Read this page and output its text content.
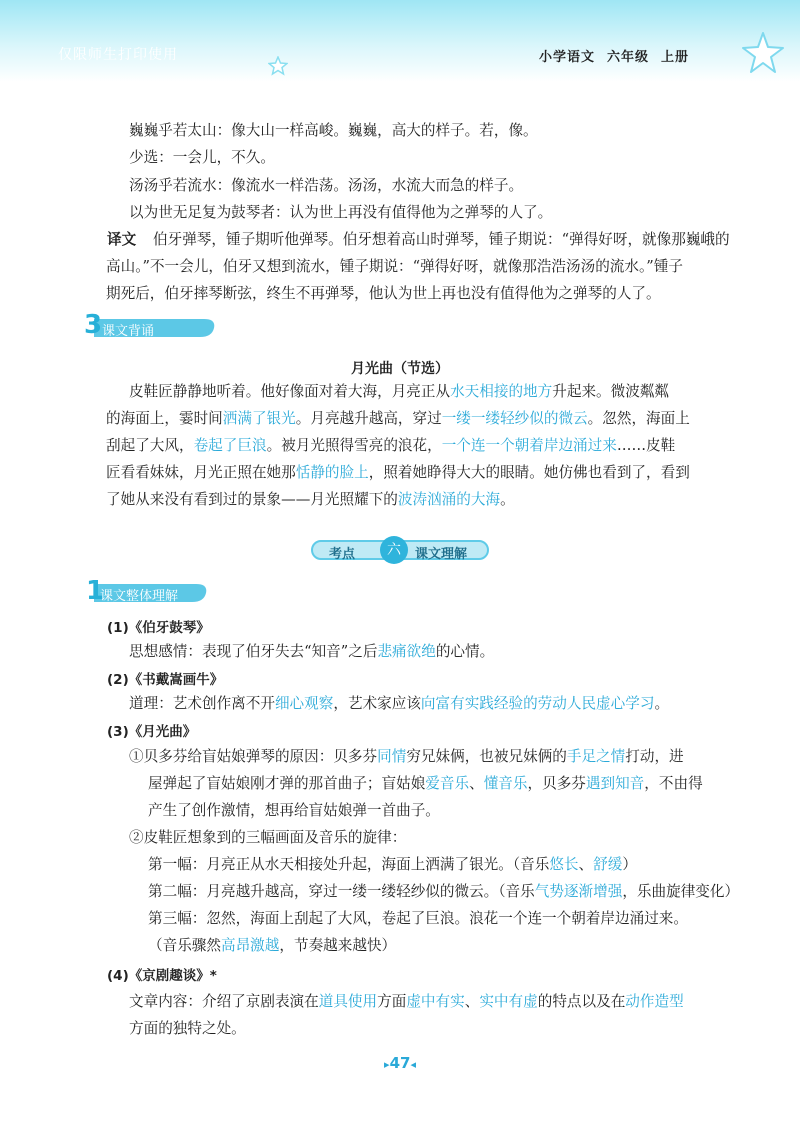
仅限师生打印使用	小学语文 六年级 上册
巍巍乎若太山：像大山一样高峻。巍巍，高大的样子。若，像。
少选：一会儿，不久。
汤汤乎若流水：像流水一样浩荡。汤汤，水流大而急的样子。
以为世无足复为鼓琴者：认为世上再没有值得他为之弹琴的人了。
译文 伯牙弹琴，锺子期听他弹琴。伯牙想着高山时弹琴，锺子期说：“弹得好呀，就像那巍峨的
高山。”不一会儿，伯牙又想到流水，锺子期说：“弹得好呀，就像那浩浩汤汤的流水。”锺子
期死后，伯牙摔琴断弦，终生不再弹琴，他认为世上再也没有值得他为之弹琴的人了。
3 课文背诵
月光曲（节选）
皮鞋匠静静地听着。他好像面对着大海，月亮正从水天相接的地方升起来。微波粼粼
的海面上，霎时间洒满了银光。月亮越升越高，穿过一缕一缕轻纱似的微云。忽然，海面上
刮起了大风，卷起了巨浪。被月光照得雪亮的浪花，一个连一个朝着岸边涌过来……皮鞋
匠看看妹妹，月光正照在她那恬静的脸上，照着她睁得大大的眼睛。她仿佛也看到了，看到
了她从来没有看到过的景象——月光照耀下的波涛汹涌的大海。
考点	六	课文理解
1
课文整体理解
(1)《伯牙鼓琴》
思想感情：表现了伯牙失去“知音”之后悲痛欲绝的心情。
(2)《书戴嵩画牛》
道理：艺术创作离不开细心观察，艺术家应该向富有实践经验的劳动人民虚心学习。
(3)《月光曲》
①贝多芬给盲姑娘弹琴的原因：贝多芬同情穷兄妹俩，也被兄妹俩的手足之情打动，进
屋弹起了盲姑娘刚才弹的那首曲子；盲姑娘爱音乐、懂音乐，贝多芬遇到知音，不由得
产生了创作激情，想再给盲姑娘弹一首曲子。
②皮鞋匠想象到的三幅画面及音乐的旋律：
第一幅：月亮正从水天相接处升起，海面上洒满了银光。（音乐悠长、舒缓）
第二幅：月亮越升越高，穿过一缕一缕轻纱似的微云。（音乐气势逐渐增强，乐曲旋律变化）
第三幅：忽然，海面上刮起了大风，卷起了巨浪。浪花一个连一个朝着岸边涌过来。
（音乐骤然高昂激越，节奏越来越快）
(4)《京剧趣谈》*
文章内容：介绍了京剧表演在道具使用方面虚中有实、实中有虚的特点以及在动作造型
方面的独特之处。
▸47◂
